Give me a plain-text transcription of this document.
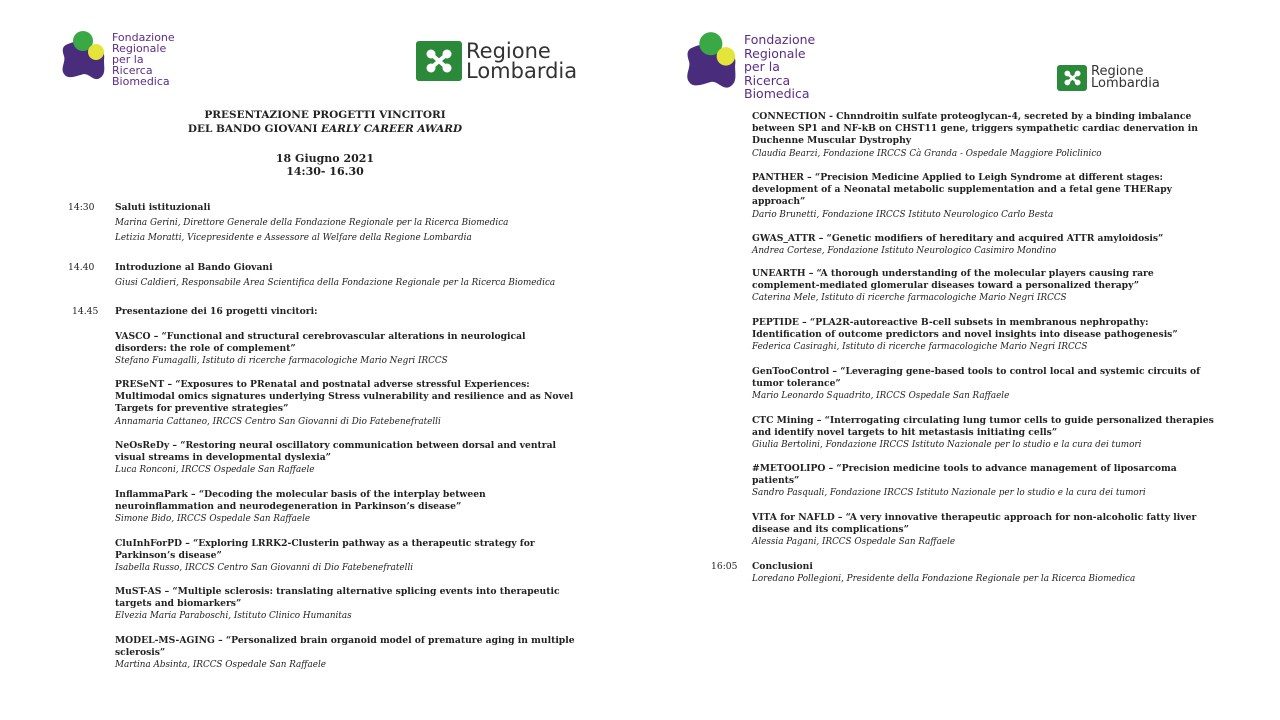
Fondazione
Regionale
per la
Ricerca
Biomedica
Regione
Lombardia
PRESENTAZIONE PROGETTI VINCITORI
DEL BANDO GIOVANI EARLY CAREER AWARD
18 Giugno 2021
14:30- 16.30
14:30 Saluti istituzionali
Marina Gerini, Direttore Generale della Fondazione Regionale per la Ricerca Biomedica
Letizia Moratti, Vicepresidente e Assessore al Welfare della Regione Lombardia
14.40 Introduzione al Bando Giovani
Giusi Caldieri, Responsabile Area Scientifica della Fondazione Regionale per la Ricerca Biomedica
14.45 Presentazione dei 16 progetti vincitori:
VASCO – “Functional and structural cerebrovascular alterations in neurological
disorders: the role of complement”
Stefano Fumagalli, Istituto di ricerche farmacologiche Mario Negri IRCCS
PRESeNT – “Exposures to PRenatal and postnatal adverse stressful Experiences:
Multimodal omics signatures underlying Stress vulnerability and resilience and as Novel
Targets for preventive strategies”
Annamaria Cattaneo, IRCCS Centro San Giovanni di Dio Fatebenefratelli
NeOsReDy – “Restoring neural oscillatory communication between dorsal and ventral
visual streams in developmental dyslexia”
Luca Ronconi, IRCCS Ospedale San Raffaele
InflammaPark – “Decoding the molecular basis of the interplay between
neuroinflammation and neurodegeneration in Parkinson’s disease”
Simone Bido, IRCCS Ospedale San Raffaele
CluInhForPD – “Exploring LRRK2-Clusterin pathway as a therapeutic strategy for
Parkinson’s disease”
Isabella Russo, IRCCS Centro San Giovanni di Dio Fatebenefratelli
MuST-AS – “Multiple sclerosis: translating alternative splicing events into therapeutic
targets and biomarkers”
Elvezia Maria Paraboschi, Istituto Clinico Humanitas
MODEL-MS-AGING – “Personalized brain organoid model of premature aging in multiple
sclerosis”
Martina Absinta, IRCCS Ospedale San Raffaele
Fondazione
Regionale
per la
Ricerca
Biomedica
Regione
Lombardia
CONNECTION - Chnndroitin sulfate proteoglycan-4, secreted by a binding imbalance
between SP1 and NF-kB on CHST11 gene, triggers sympathetic cardiac denervation in
Duchenne Muscular Dystrophy
Claudia Bearzi, Fondazione IRCCS Cà Granda - Ospedale Maggiore Policlinico
PANTHER – “Precision Medicine Applied to Leigh Syndrome at different stages:
development of a Neonatal metabolic supplementation and a fetal gene THERapy
approach”
Dario Brunetti, Fondazione IRCCS Istituto Neurologico Carlo Besta
GWAS_ATTR – “Genetic modifiers of hereditary and acquired ATTR amyloidosis”
Andrea Cortese, Fondazione Istituto Neurologico Casimiro Mondino
UNEARTH – “A thorough understanding of the molecular players causing rare
complement-mediated glomerular diseases toward a personalized therapy”
Caterina Mele, Istituto di ricerche farmacologiche Mario Negri IRCCS
PEPTIDE – “PLA2R-autoreactive B-cell subsets in membranous nephropathy:
Identification of outcome predictors and novel insights into disease pathogenesis”
Federica Casiraghi, Istituto di ricerche farmacologiche Mario Negri IRCCS
GenTooControl – “Leveraging gene-based tools to control local and systemic circuits of
tumor tolerance”
Mario Leonardo Squadrito, IRCCS Ospedale San Raffaele
CTC Mining – “Interrogating circulating lung tumor cells to guide personalized therapies
and identify novel targets to hit metastasis initiating cells”
Giulia Bertolini, Fondazione IRCCS Istituto Nazionale per lo studio e la cura dei tumori
#METOOLIPO – “Precision medicine tools to advance management of liposarcoma
patients”
Sandro Pasquali, Fondazione IRCCS Istituto Nazionale per lo studio e la cura dei tumori
VITA for NAFLD – “A very innovative therapeutic approach for non-alcoholic fatty liver
disease and its complications”
Alessia Pagani, IRCCS Ospedale San Raffaele
16:05 Conclusioni
Loredano Pollegioni, Presidente della Fondazione Regionale per la Ricerca Biomedica
